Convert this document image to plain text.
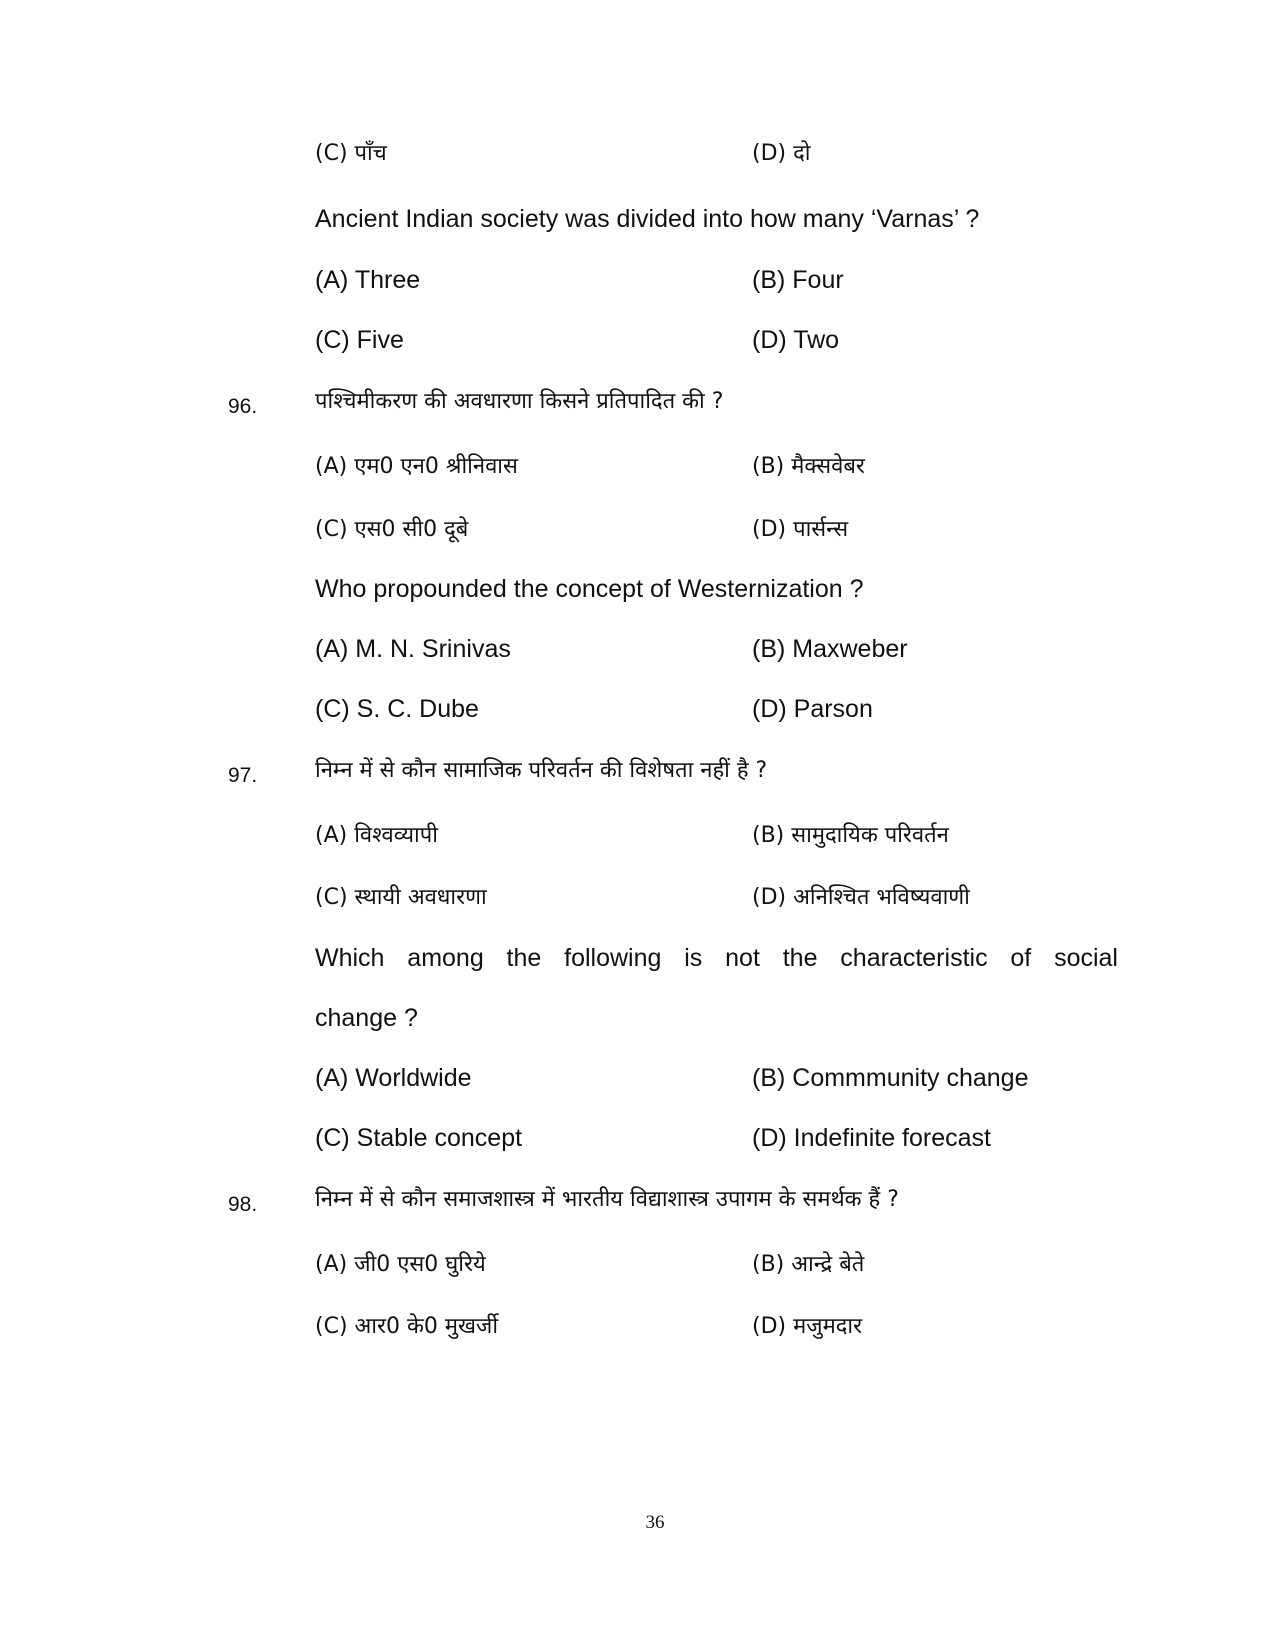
(C) पाँच	(D) दो
Ancient Indian society was divided into how many ‘Varnas’ ?
(A) Three	(B) Four
(C) Five	(D) Two
96.	पश्चिमीकरण की अवधारणा किसने प्रतिपादित की ?
(A) एम0 एन0 श्रीनिवास	(B) मैक्सवेबर
(C) एस0 सी0 दूबे	(D) पार्सन्स
Who propounded the concept of Westernization ?
(A) M. N. Srinivas	(B) Maxweber
(C) S. C. Dube	(D) Parson
97.	निम्न में से कौन सामाजिक परिवर्तन की विशेषता नहीं है ?
(A) विश्वव्यापी	(B) सामुदायिक परिवर्तन
(C) स्थायी अवधारणा	(D) अनिश्चित भविष्यवाणी
Which among the following is not the characteristic of social
change ?
(A) Worldwide	(B) Commmunity change
(C) Stable concept	(D) Indefinite forecast
98.	निम्न में से कौन समाजशास्त्र में भारतीय विद्याशास्त्र उपागम के समर्थक हैं ?
(A) जी0 एस0 घुरिये	(B) आन्द्रे बेते
(C) आर0 के0 मुखर्जी	(D) मजुमदार
36
